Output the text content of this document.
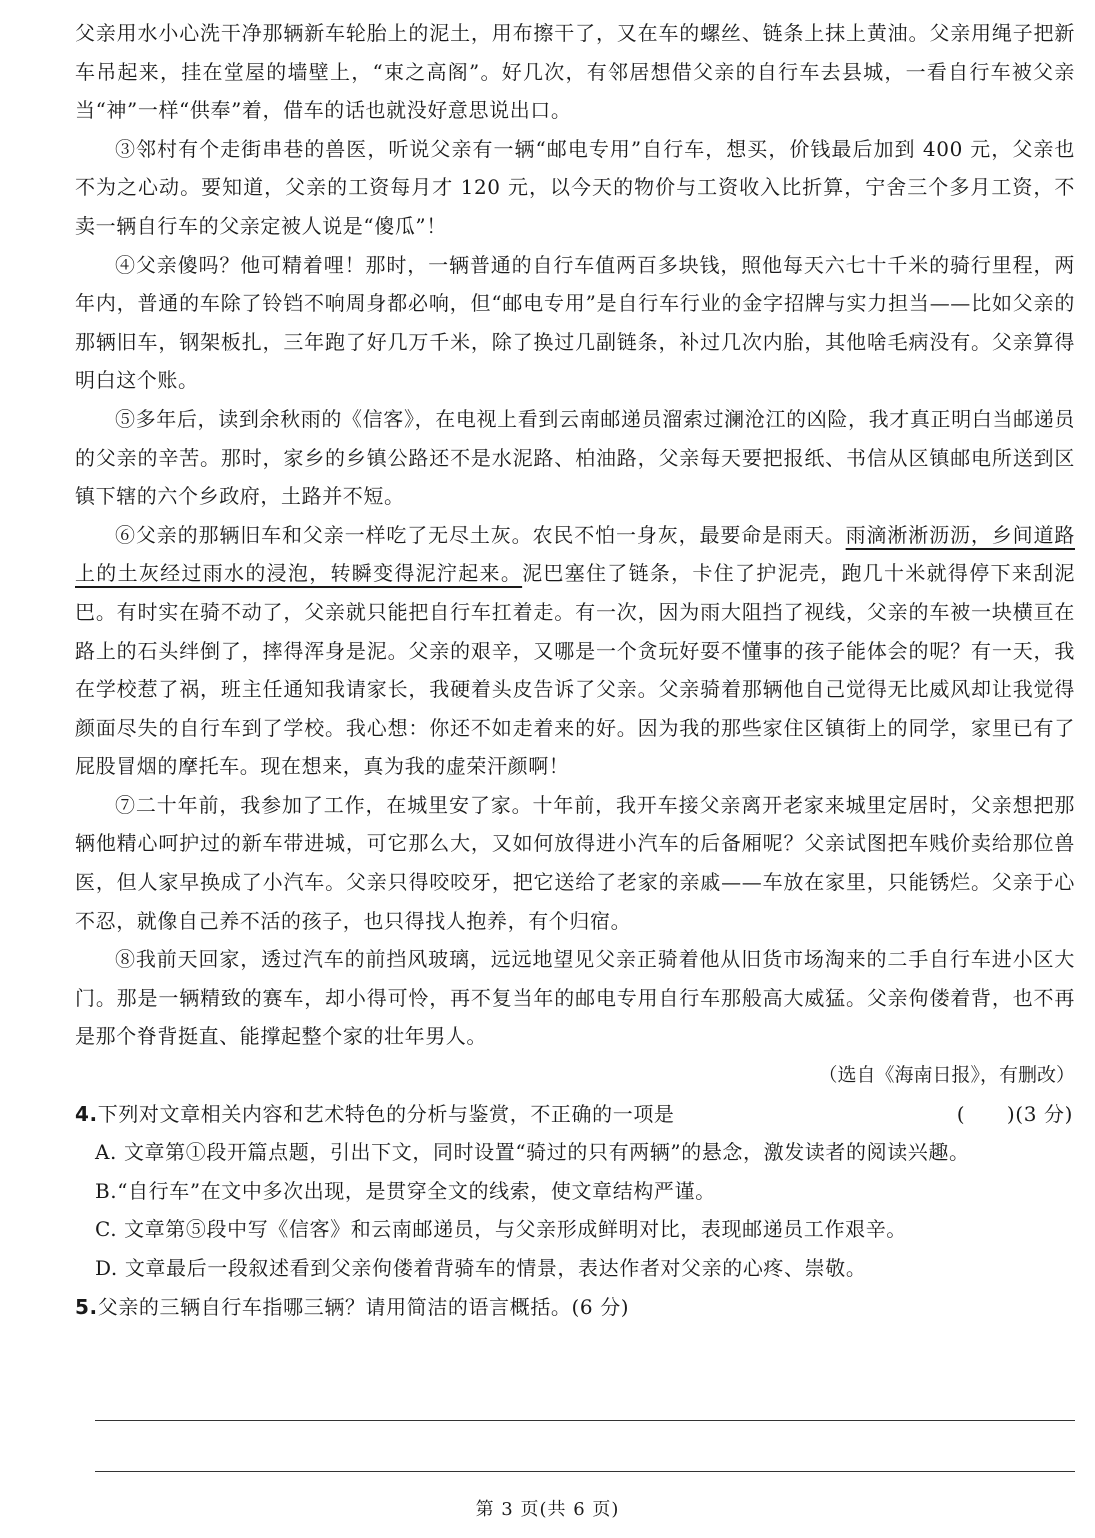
父亲用水小心洗干净那辆新车轮胎上的泥土，用布擦干了，又在车的螺丝、链条上抹上黄油。父亲用绳子把新车吊起来，挂在堂屋的墙壁上，“束之高阁”。好几次，有邻居想借父亲的自行车去县城，一看自行车被父亲当“神”一样“供奉”着，借车的话也就没好意思说出口。

③邻村有个走街串巷的兽医，听说父亲有一辆“邮电专用”自行车，想买，价钱最后加到 400 元，父亲也不为之心动。要知道，父亲的工资每月才 120 元，以今天的物价与工资收入比折算，宁舍三个多月工资，不卖一辆自行车的父亲定被人说是“傻瓜”！

④父亲傻吗？他可精着哩！那时，一辆普通的自行车值两百多块钱，照他每天六七十千米的骑行里程，两年内，普通的车除了铃铛不响周身都必响，但“邮电专用”是自行车行业的金字招牌与实力担当——比如父亲的那辆旧车，钢架板扎，三年跑了好几万千米，除了换过几副链条，补过几次内胎，其他啥毛病没有。父亲算得明白这个账。

⑤多年后，读到余秋雨的《信客》，在电视上看到云南邮递员溜索过澜沧江的凶险，我才真正明白当邮递员的父亲的辛苦。那时，家乡的乡镇公路还不是水泥路、柏油路，父亲每天要把报纸、书信从区镇邮电所送到区镇下辖的六个乡政府，土路并不短。

⑥父亲的那辆旧车和父亲一样吃了无尽土灰。农民不怕一身灰，最要命是雨天。雨滴淅淅沥沥，乡间道路上的土灰经过雨水的浸泡，转瞬变得泥泞起来。泥巴塞住了链条，卡住了护泥壳，跑几十米就得停下来刮泥巴。有时实在骑不动了，父亲就只能把自行车扛着走。有一次，因为雨大阻挡了视线，父亲的车被一块横亘在路上的石头绊倒了，摔得浑身是泥。父亲的艰辛，又哪是一个贪玩好耍不懂事的孩子能体会的呢？有一天，我在学校惹了祸，班主任通知我请家长，我硬着头皮告诉了父亲。父亲骑着那辆他自己觉得无比威风却让我觉得颜面尽失的自行车到了学校。我心想：你还不如走着来的好。因为我的那些家住区镇街上的同学，家里已有了屁股冒烟的摩托车。现在想来，真为我的虚荣汗颜啊！

⑦二十年前，我参加了工作，在城里安了家。十年前，我开车接父亲离开老家来城里定居时，父亲想把那辆他精心呵护过的新车带进城，可它那么大，又如何放得进小汽车的后备厢呢？父亲试图把车贱价卖给那位兽医，但人家早换成了小汽车。父亲只得咬咬牙，把它送给了老家的亲戚——车放在家里，只能锈烂。父亲于心不忍，就像自己养不活的孩子，也只得找人抱养，有个归宿。

⑧我前天回家，透过汽车的前挡风玻璃，远远地望见父亲正骑着他从旧货市场淘来的二手自行车进小区大门。那是一辆精致的赛车，却小得可怜，再不复当年的邮电专用自行车那般高大威猛。父亲佝偻着背，也不再是那个脊背挺直、能撑起整个家的壮年男人。

（选自《海南日报》，有删改）

4.下列对文章相关内容和艺术特色的分析与鉴赏，不正确的一项是	(      )(3 分)

A. 文章第①段开篇点题，引出下文，同时设置“骑过的只有两辆”的悬念，激发读者的阅读兴趣。

B.“自行车”在文中多次出现，是贯穿全文的线索，使文章结构严谨。

C. 文章第⑤段中写《信客》和云南邮递员，与父亲形成鲜明对比，表现邮递员工作艰辛。

D. 文章最后一段叙述看到父亲佝偻着背骑车的情景，表达作者对父亲的心疼、崇敬。

5.父亲的三辆自行车指哪三辆？请用简洁的语言概括。(6 分)
第 3 页(共 6 页)
